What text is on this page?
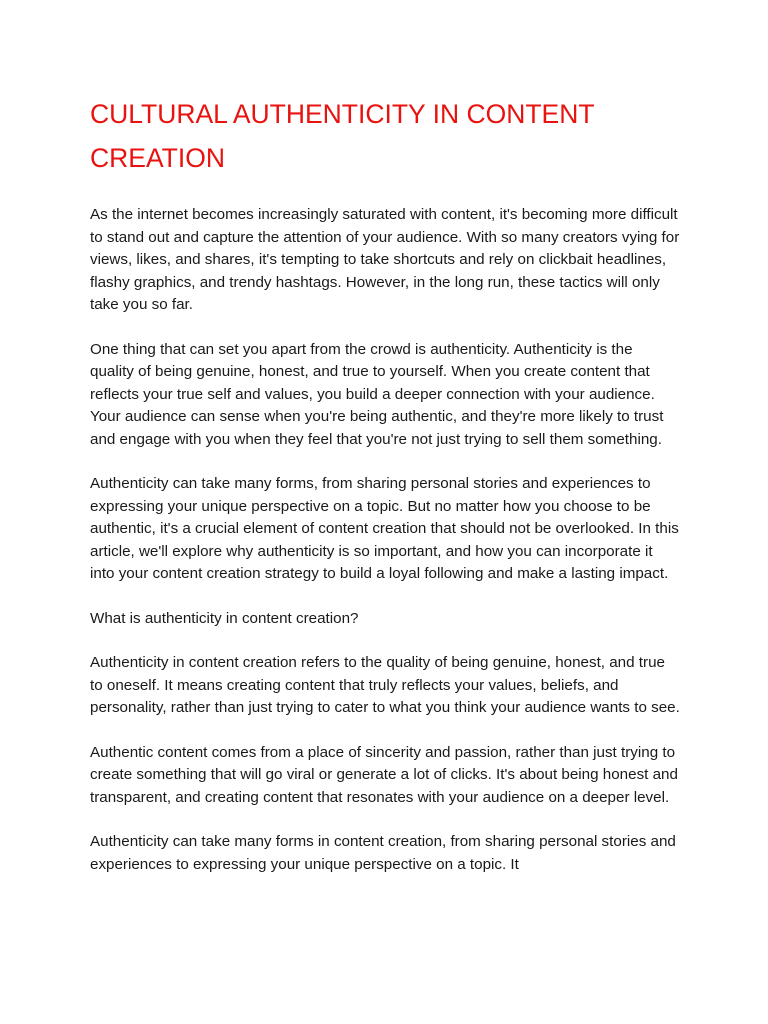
CULTURAL AUTHENTICITY IN CONTENT CREATION

As the internet becomes increasingly saturated with content, it's becoming more difficult to stand out and capture the attention of your audience. With so many creators vying for views, likes, and shares, it's tempting to take shortcuts and rely on clickbait headlines, flashy graphics, and trendy hashtags. However, in the long run, these tactics will only take you so far.

One thing that can set you apart from the crowd is authenticity. Authenticity is the quality of being genuine, honest, and true to yourself. When you create content that reflects your true self and values, you build a deeper connection with your audience. Your audience can sense when you're being authentic, and they're more likely to trust and engage with you when they feel that you're not just trying to sell them something.

Authenticity can take many forms, from sharing personal stories and experiences to expressing your unique perspective on a topic. But no matter how you choose to be authentic, it's a crucial element of content creation that should not be overlooked. In this article, we'll explore why authenticity is so important, and how you can incorporate it into your content creation strategy to build a loyal following and make a lasting impact.

What is authenticity in content creation?

Authenticity in content creation refers to the quality of being genuine, honest, and true to oneself. It means creating content that truly reflects your values, beliefs, and personality, rather than just trying to cater to what you think your audience wants to see.

Authentic content comes from a place of sincerity and passion, rather than just trying to create something that will go viral or generate a lot of clicks. It's about being honest and transparent, and creating content that resonates with your audience on a deeper level.

Authenticity can take many forms in content creation, from sharing personal stories and experiences to expressing your unique perspective on a topic. It
